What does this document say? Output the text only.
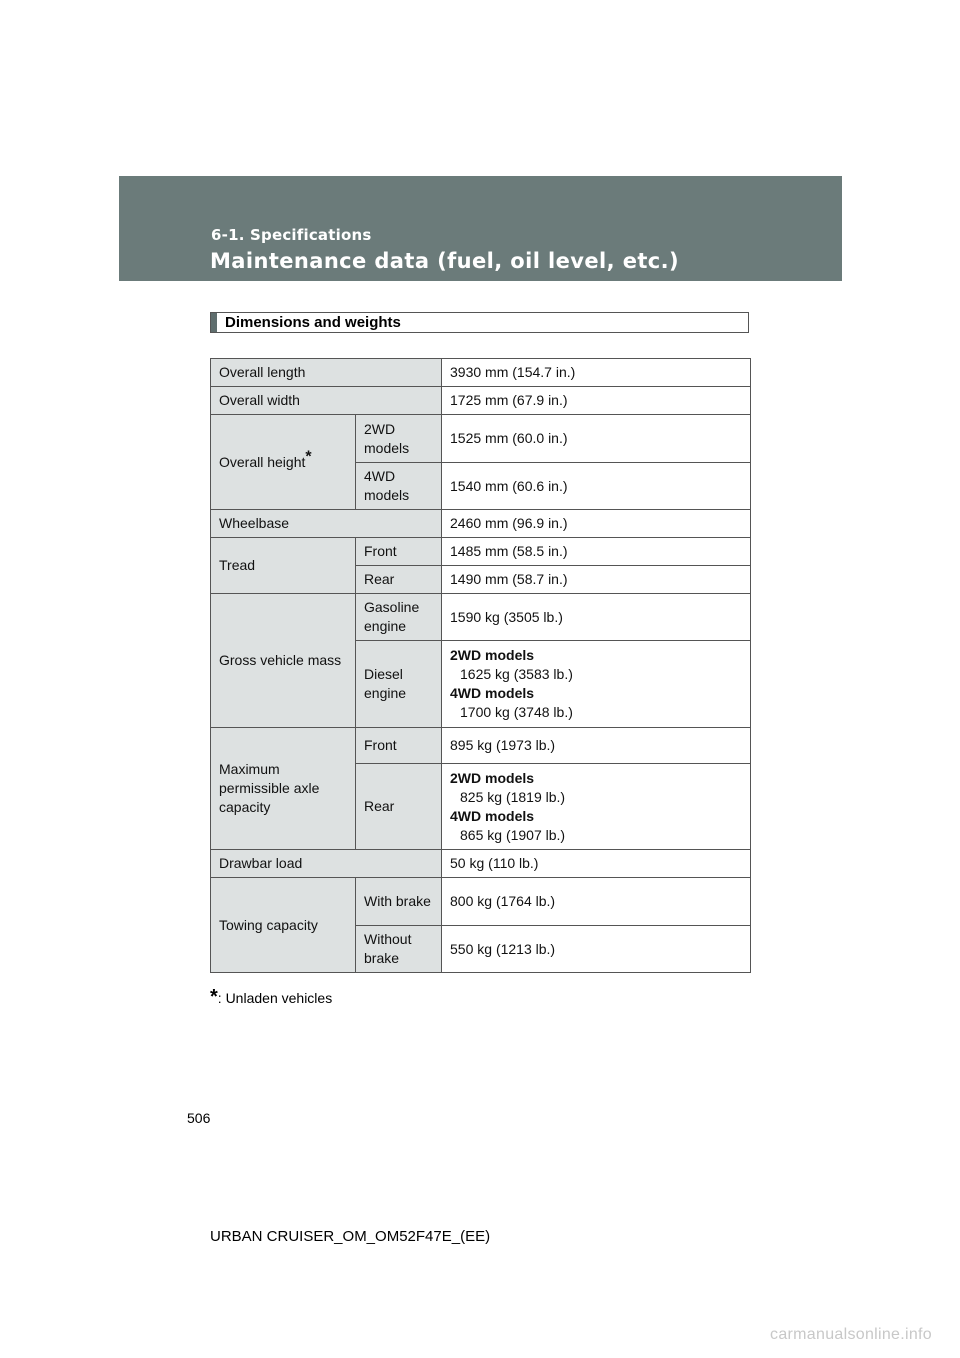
6-1. Specifications
Maintenance data (fuel, oil level, etc.)
Dimensions and weights
Overall length		3930 mm (154.7 in.)
Overall width		1725 mm (67.9 in.)
Overall height*	2WD models	1525 mm (60.0 in.)
	4WD models	1540 mm (60.6 in.)
Wheelbase		2460 mm (96.9 in.)
Tread	Front	1485 mm (58.5 in.)
	Rear	1490 mm (58.7 in.)
Gross vehicle mass	Gasoline engine	1590 kg (3505 lb.)
	Diesel engine	2WD models
1625 kg (3583 lb.)
4WD models
1700 kg (3748 lb.)

Maximum permissible axle capacity	Front	895 kg (1973 lb.)
	Rear	2WD models
825 kg (1819 lb.)
4WD models
865 kg (1907 lb.)

Drawbar load		50 kg (110 lb.)
Towing capacity	With brake	800 kg (1764 lb.)
	Without brake	550 kg (1213 lb.)
*: Unladen vehicles
506
URBAN CRUISER_OM_OM52F47E_(EE)
carmanualsonline.info
